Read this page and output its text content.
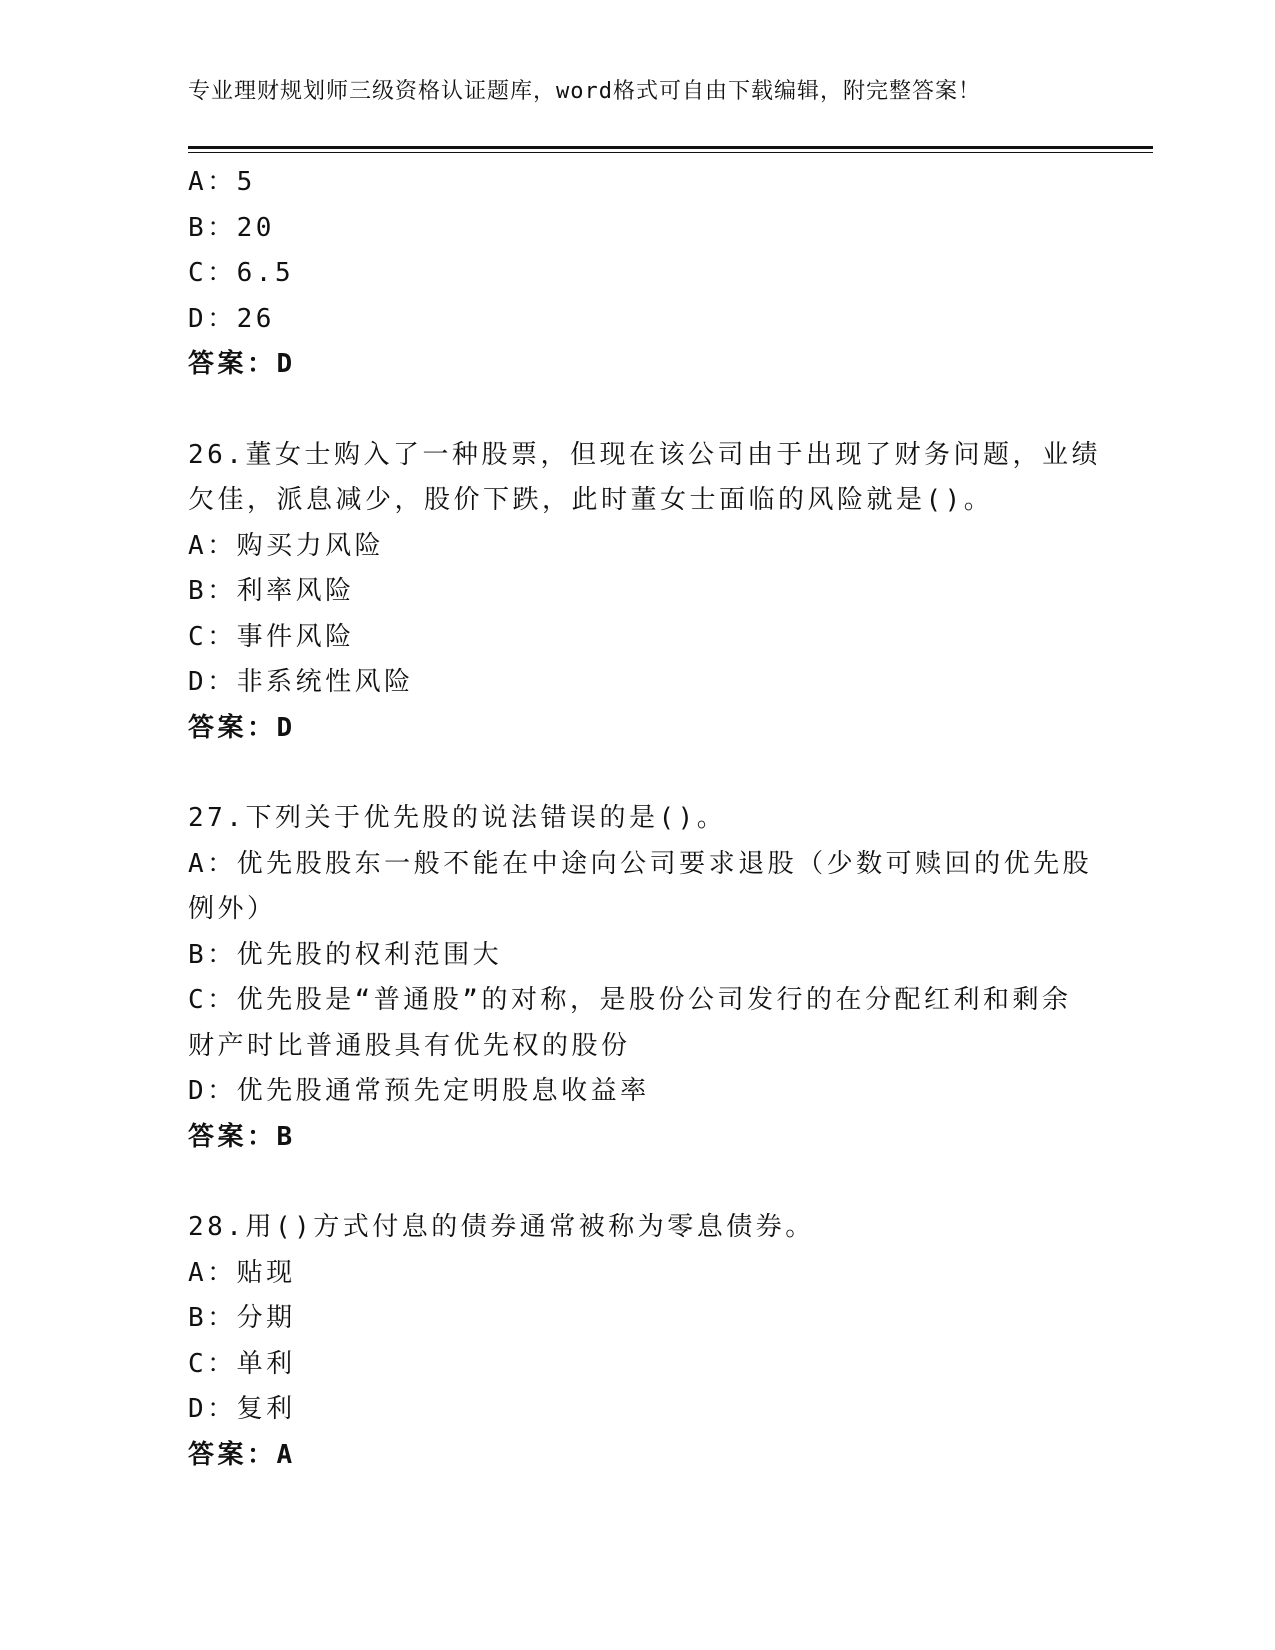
专业理财规划师三级资格认证题库，word格式可自由下载编辑，附完整答案！
A：5
B：20
C：6.5
D：26
答案：D
26.董女士购入了一种股票，但现在该公司由于出现了财务问题，业绩
欠佳，派息减少，股价下跌，此时董女士面临的风险就是()。
A：购买力风险
B：利率风险
C：事件风险
D：非系统性风险
答案：D
27.下列关于优先股的说法错误的是()。
A：优先股股东一般不能在中途向公司要求退股（少数可赎回的优先股
例外）
B：优先股的权利范围大
C：优先股是“普通股”的对称，是股份公司发行的在分配红利和剩余
财产时比普通股具有优先权的股份
D：优先股通常预先定明股息收益率
答案：B
28.用()方式付息的债券通常被称为零息债券。
A：贴现
B：分期
C：单利
D：复利
答案：A
